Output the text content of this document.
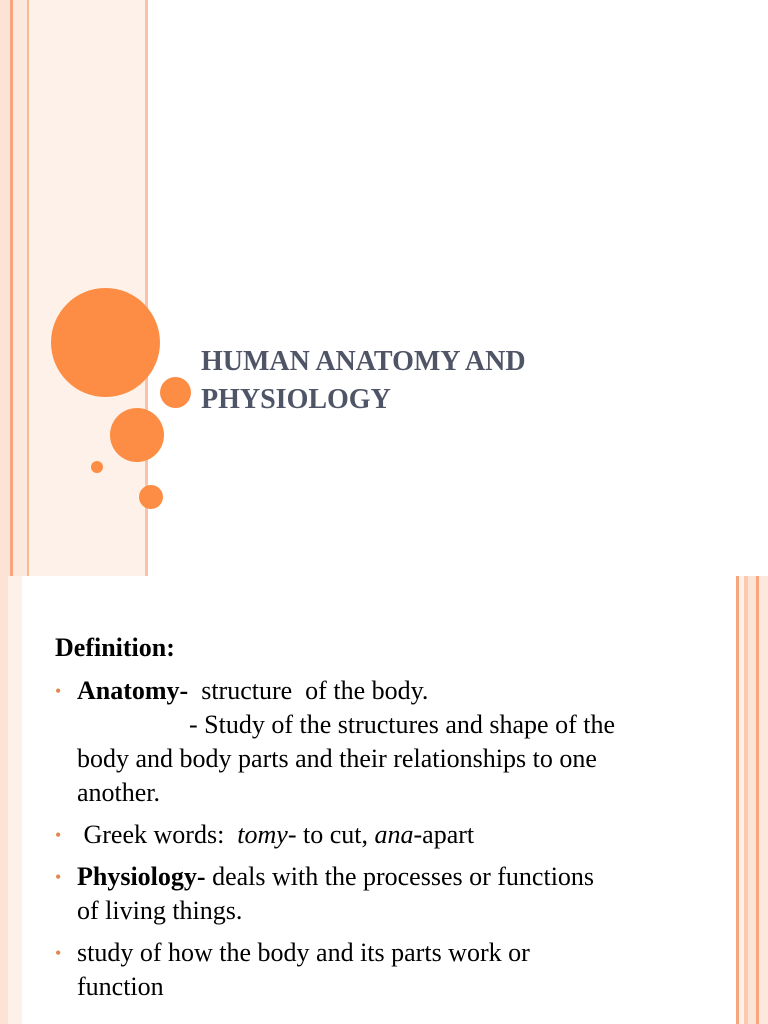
HUMAN ANATOMY AND
PHYSIOLOGY
Definition:
• Anatomy-  structure  of the body.
- Study of the structures and shape of the
body and body parts and their relationships to one
another.
• Greek words:  tomy- to cut, ana-apart
• Physiology- deals with the processes or functions
of living things.
• study of how the body and its parts work or
function
